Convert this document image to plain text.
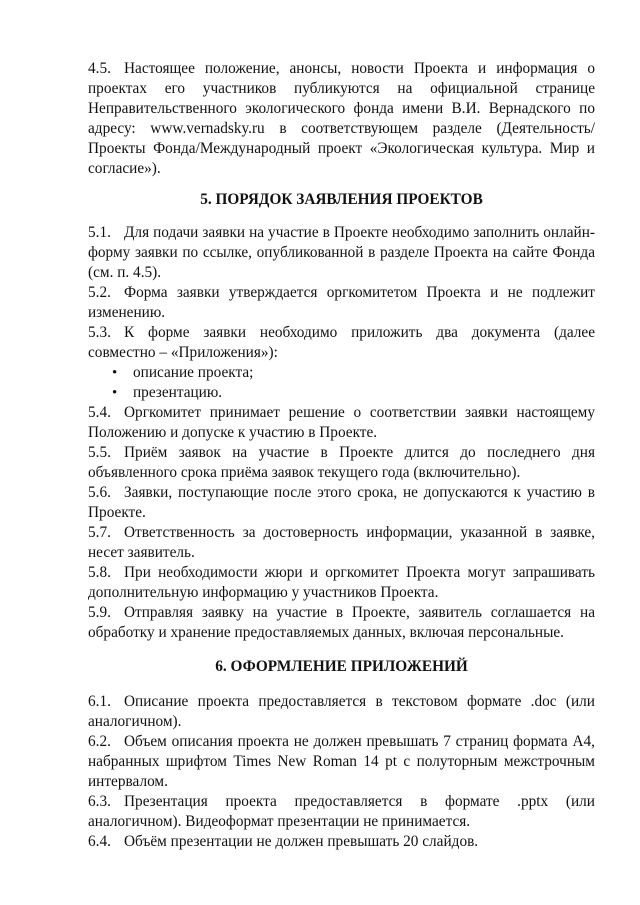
4.5. Настоящее положение, анонсы, новости Проекта и информация о проектах его участников публикуются на официальной странице Неправительственного экологического фонда имени В.И. Вернадского по адресу: www.vernadsky.ru в соответствующем разделе (Деятельность/Проекты Фонда/Международный проект «Экологическая культура. Мир и согласие»).

5. ПОРЯДОК ЗАЯВЛЕНИЯ ПРОЕКТОВ

5.1. Для подачи заявки на участие в Проекте необходимо заполнить онлайн-форму заявки по ссылке, опубликованной в разделе Проекта на сайте Фонда (см. п. 4.5).

5.2. Форма заявки утверждается оргкомитетом Проекта и не подлежит изменению.

5.3. К форме заявки необходимо приложить два документа (далее совместно – «Приложения»):

• описание проекта;
• презентацию.

5.4. Оргкомитет принимает решение о соответствии заявки настоящему Положению и допуске к участию в Проекте.

5.5. Приём заявок на участие в Проекте длится до последнего дня объявленного срока приёма заявок текущего года (включительно).

5.6. Заявки, поступающие после этого срока, не допускаются к участию в Проекте.

5.7. Ответственность за достоверность информации, указанной в заявке, несет заявитель.

5.8. При необходимости жюри и оргкомитет Проекта могут запрашивать дополнительную информацию у участников Проекта.

5.9. Отправляя заявку на участие в Проекте, заявитель соглашается на обработку и хранение предоставляемых данных, включая персональные.

6. ОФОРМЛЕНИЕ ПРИЛОЖЕНИЙ

6.1. Описание проекта предоставляется в текстовом формате .doc (или аналогичном).

6.2. Объем описания проекта не должен превышать 7 страниц формата А4, набранных шрифтом Times New Roman 14 pt с полуторным межстрочным интервалом.

6.3. Презентация проекта предоставляется в формате .pptx (или аналогичном). Видеоформат презентации не принимается.

6.4. Объём презентации не должен превышать 20 слайдов.
